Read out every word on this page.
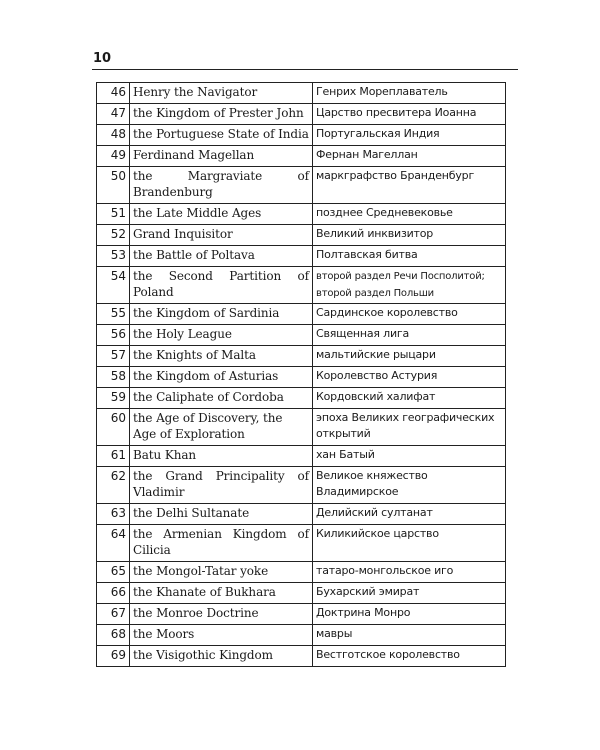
10
46	Henry the Navigator	Генрих Мореплаватель
47	the Kingdom of Prester John	Царство пресвитера Иоанна
48	the Portuguese State of India	Португальская Индия
49	Ferdinand Magellan	Фернан Магеллан
50	the Margraviate of Brandenburg	маркграфство Бранденбург
51	the Late Middle Ages	позднее Средневековье
52	Grand Inquisitor	Великий инквизитор
53	the Battle of Poltava	Полтавская битва
54	the Second Partition of Poland	второй раздел Речи Посполитой; второй раздел Польши
55	the Kingdom of Sardinia	Сардинское королевство
56	the Holy League	Священная лига
57	the Knights of Malta	мальтийские рыцари
58	the Kingdom of Asturias	Королевство Астурия
59	the Caliphate of Cordoba	Кордовский халифат
60	the Age of Discovery, the Age of Exploration	эпоха Великих географических открытий
61	Batu Khan	хан Батый
62	the Grand Principality of Vladimir	Великое княжество Владимирское
63	the Delhi Sultanate	Делийский султанат
64	the Armenian Kingdom of Cilicia	Киликийское царство
65	the Mongol-Tatar yoke	татаро-монгольское иго
66	the Khanate of Bukhara	Бухарский эмират
67	the Monroe Doctrine	Доктрина Монро
68	the Moors	мавры
69	the Visigothic Kingdom	Вестготское королевство
